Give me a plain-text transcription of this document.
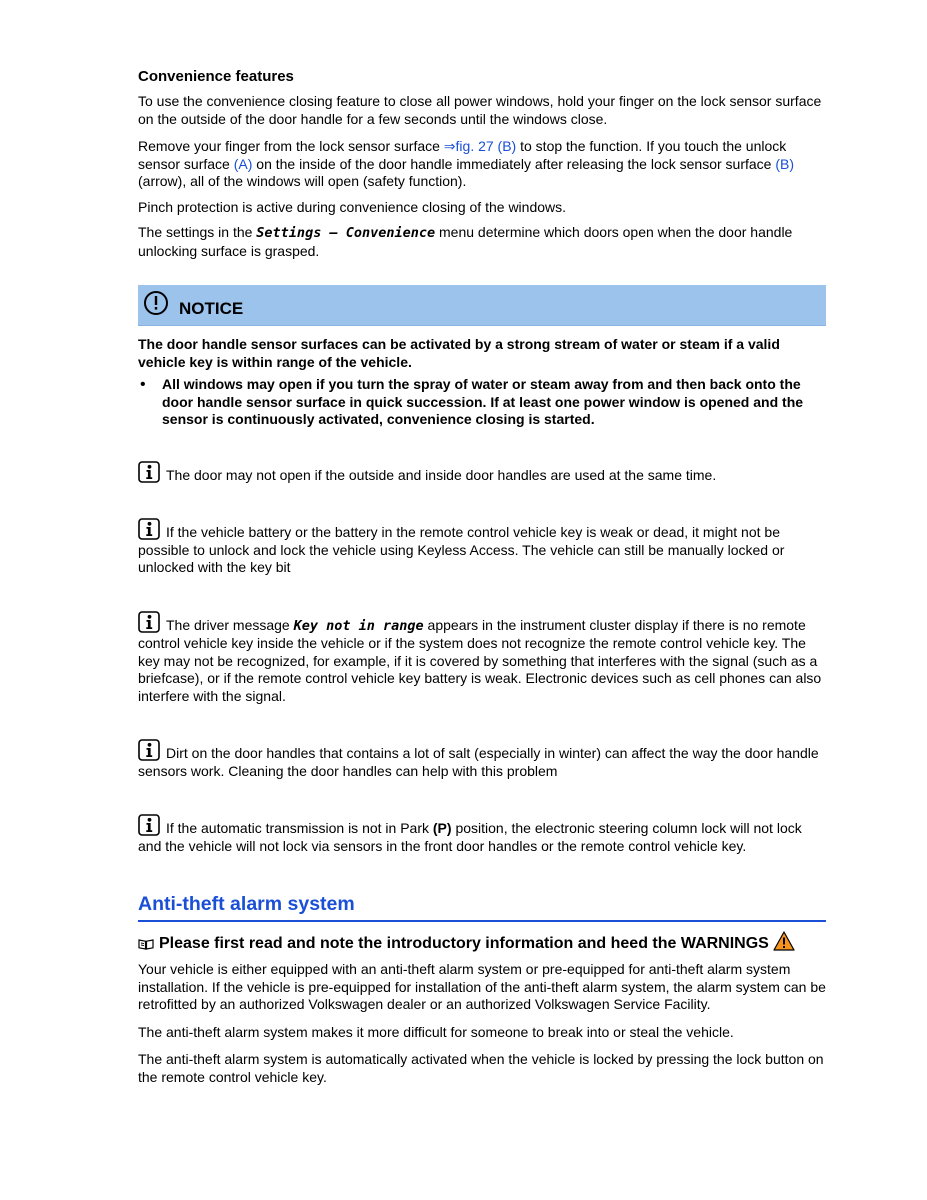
Convenience features

To use the convenience closing feature to close all power windows, hold your finger on the lock sensor surface on the outside of the door handle for a few seconds until the windows close.

Remove your finger from the lock sensor surface ⇒fig. 27 (B) to stop the function. If you touch the unlock sensor surface (A) on the inside of the door handle immediately after releasing the lock sensor surface (B) (arrow), all of the windows will open (safety function).

Pinch protection is active during convenience closing of the windows.

The settings in the Settings – Convenience menu determine which doors open when the door handle unlocking surface is grasped.

NOTICE

The door handle sensor surfaces can be activated by a strong stream of water or steam if a valid vehicle key is within range of the vehicle.

•	All windows may open if you turn the spray of water or steam away from and then back onto the door handle sensor surface in quick succession. If at least one power window is opened and the sensor is continuously activated, convenience closing is started.

The door may not open if the outside and inside door handles are used at the same time.

If the vehicle battery or the battery in the remote control vehicle key is weak or dead, it might not be possible to unlock and lock the vehicle using Keyless Access. The vehicle can still be manually locked or unlocked with the key bit

The driver message Key not in range appears in the instrument cluster display if there is no remote control vehicle key inside the vehicle or if the system does not recognize the remote control vehicle key. The key may not be recognized, for example, if it is covered by something that interferes with the signal (such as a briefcase), or if the remote control vehicle key battery is weak. Electronic devices such as cell phones can also interfere with the signal.

Dirt on the door handles that contains a lot of salt (especially in winter) can affect the way the door handle sensors work. Cleaning the door handles can help with this problem

If the automatic transmission is not in Park (P) position, the electronic steering column lock will not lock and the vehicle will not lock via sensors in the front door handles or the remote control vehicle key.

Anti-theft alarm system
Please first read and note the introductory information and heed the WARNINGS

Your vehicle is either equipped with an anti-theft alarm system or pre-equipped for anti-theft alarm system installation. If the vehicle is pre-equipped for installation of the anti-theft alarm system, the alarm system can be retrofitted by an authorized Volkswagen dealer or an authorized Volkswagen Service Facility.

The anti-theft alarm system makes it more difficult for someone to break into or steal the vehicle.

The anti-theft alarm system is automatically activated when the vehicle is locked by pressing the lock button on the remote control vehicle key.
